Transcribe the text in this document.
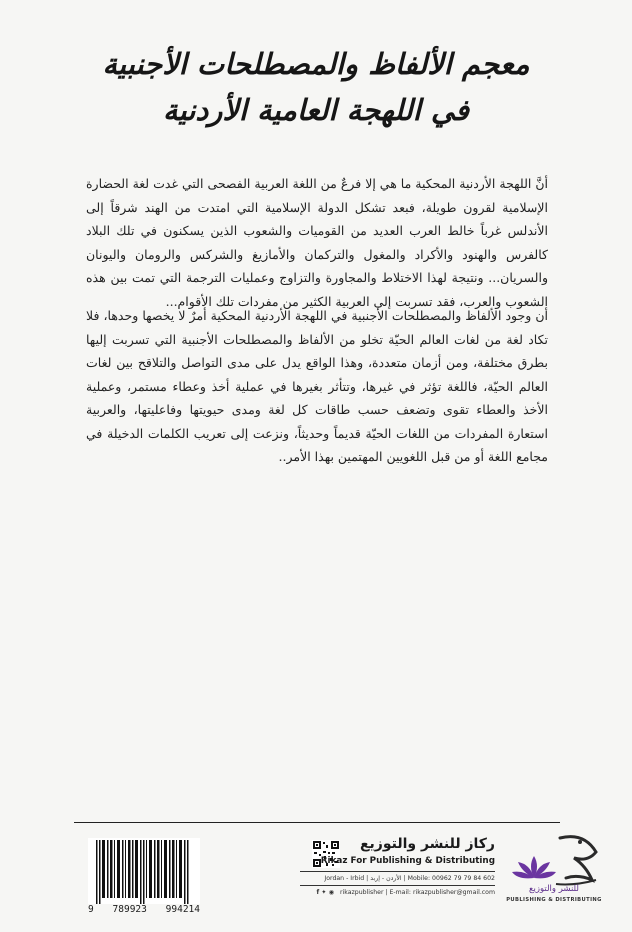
معجم الألفاظ والمصطلحات الأجنبية
في اللهجة العامية الأردنية

أنَّ اللهجة الأردنية المحكية ما هي إلا فرعٌ من اللغة العربية الفصحى التي غدت لغة الحضارة الإسلامية لقرون طويلة، فبعد تشكل الدولة الإسلامية التي امتدت من الهند شرقاً إلى الأندلس غرباً خالط العرب العديد من القوميات والشعوب الذين يسكنون في تلك البلاد كالفرس والهنود والأكراد والمغول والتركمان والأمازيغ والشركس والرومان واليونان والسريان... ونتيجة لهذا الاختلاط والمجاورة والتزاوج وعمليات الترجمة التي تمت بين هذه الشعوب والعرب، فقد تسربت إلى العربية الكثير من مفردات تلك الأقوام...

أن وجود الألفاظ والمصطلحات الأجنبية في اللهجة الأردنية المحكية أمرٌ لا يخصها وحدها، فلا تكاد لغة من لغات العالم الحيّة تخلو من الألفاظ والمصطلحات الأجنبية التي تسربت إليها بطرق مختلفة، ومن أزمان متعددة، وهذا الواقع يدل على مدى التواصل والتلاقح بين لغات العالم الحيّة، فاللغة تؤثر في غيرها، وتتأثر بغيرها في عملية أخذ وعطاء مستمر، وعملية الأخذ والعطاء تقوى وتضعف حسب طاقات كل لغة ومدى حيويتها وفاعليتها، والعربية استعارة المفردات من اللغات الحيّة قديماً وحديثاً، ونزعت إلى تعريب الكلمات الدخيلة في مجامع اللغة أو من قبل اللغويين المهتمين بهذا الأمر..

9 789923 994214
ركاز للنشر والتوزيع
Rikaz For Publishing & Distributing
Jordan - Irbid | الأردن - إربد | Mobile: 00962 79 79 84 602
f ✦ ◉ rikazpublisher | E-mail: rikazpublisher@gmail.com	للنشر والتوزيع
PUBLISHING & DISTRIBUTING
